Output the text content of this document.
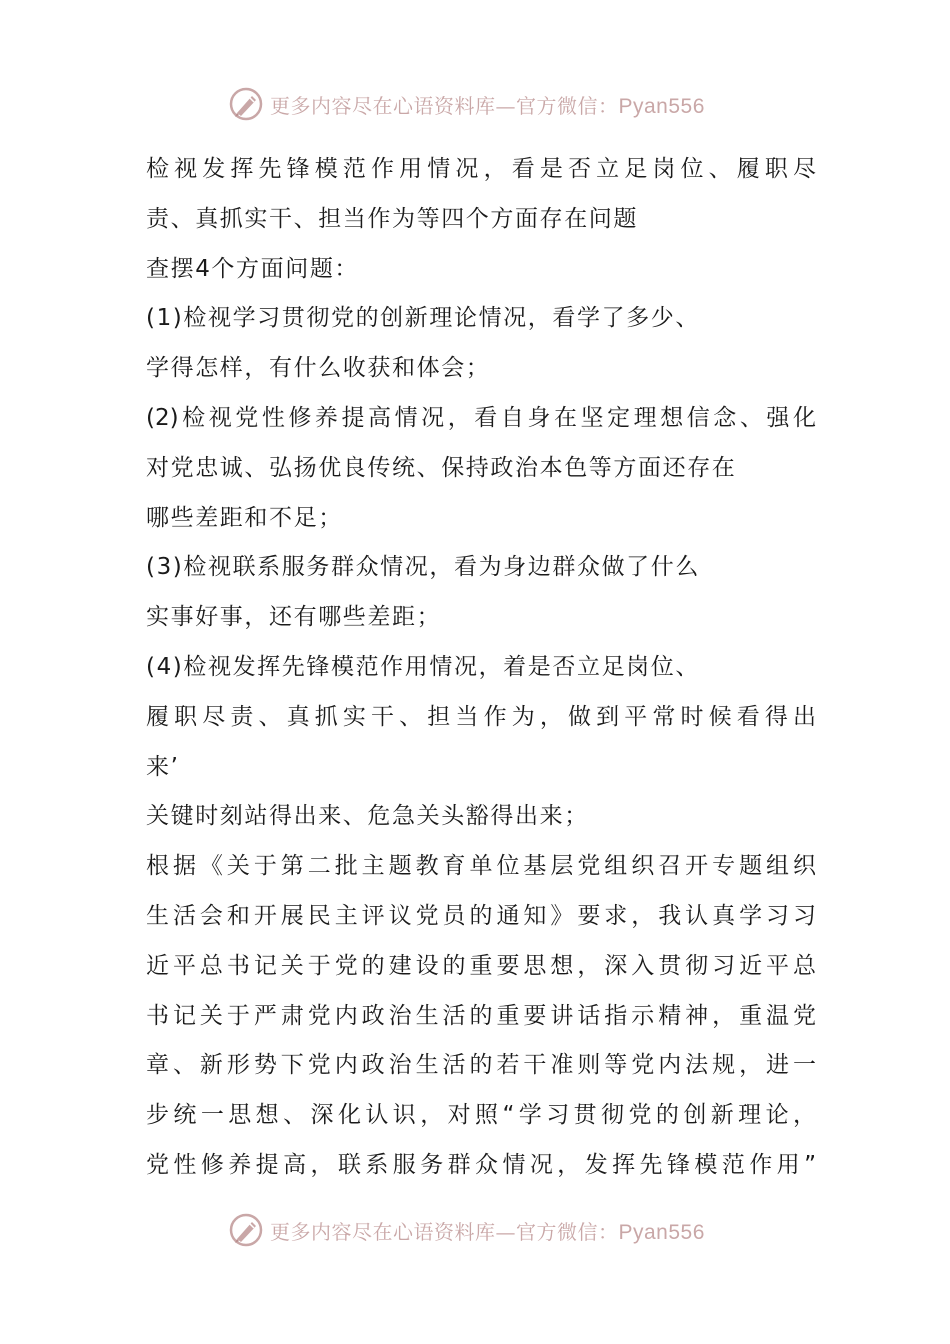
更多内容尽在心语资料库—官方微信：Pyan556
检视发挥先锋模范作用情况，看是否立足岗位、履职尽
责、真抓实干、担当作为等四个方面存在问题
查摆4个方面问题：
(1)检视学习贯彻党的创新理论情况，看学了多少、
学得怎样，有什么收获和体会；
(2)检视党性修养提高情况，看自身在坚定理想信念、强化
对党忠诚、弘扬优良传统、保持政治本色等方面还存在
哪些差距和不足；
(3)检视联系服务群众情况，看为身边群众做了什么
实事好事，还有哪些差距；
(4)检视发挥先锋模范作用情况，着是否立足岗位、
履职尽责、真抓实干、担当作为，做到平常时候看得出
来’
关键时刻站得出来、危急关头豁得出来；
根据《关于第二批主题教育单位基层党组织召开专题组织
生活会和开展民主评议党员的通知》要求，我认真学习习
近平总书记关于党的建设的重要思想，深入贯彻习近平总
书记关于严肃党内政治生活的重要讲话指示精神，重温党
章、新形势下党内政治生活的若干准则等党内法规，进一
步统一思想、深化认识，对照“学习贯彻党的创新理论，
党性修养提高，联系服务群众情况，发挥先锋模范作用”
更多内容尽在心语资料库—官方微信：Pyan556
